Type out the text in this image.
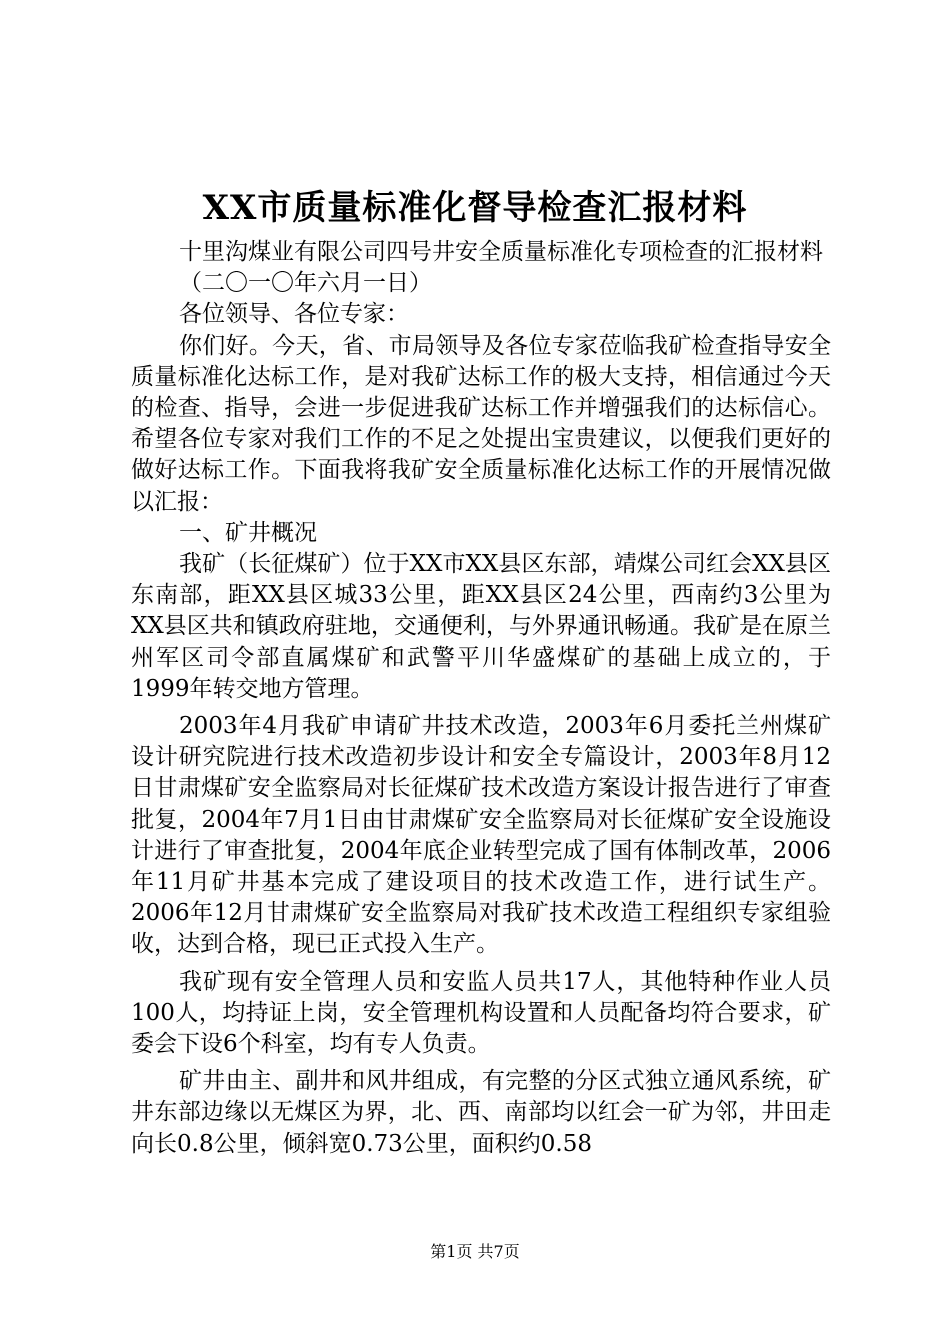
XX市质量标准化督导检查汇报材料

十里沟煤业有限公司四号井安全质量标准化专项检查的汇报材料

（二〇一〇年六月一日）

各位领导、各位专家：

你们好。今天，省、市局领导及各位专家莅临我矿检查指导安全质量标准化达标工作，是对我矿达标工作的极大支持，相信通过今天的检查、指导，会进一步促进我矿达标工作并增强我们的达标信心。希望各位专家对我们工作的不足之处提出宝贵建议，以便我们更好的做好达标工作。下面我将我矿安全质量标准化达标工作的开展情况做以汇报：

一、矿井概况

我矿（长征煤矿）位于XX市XX县区东部，靖煤公司红会XX县区东南部，距XX县区城33公里，距XX县区24公里，西南约3公里为XX县区共和镇政府驻地，交通便利，与外界通讯畅通。我矿是在原兰州军区司令部直属煤矿和武警平川华盛煤矿的基础上成立的，于1999年转交地方管理。

2003年4月我矿申请矿井技术改造，2003年6月委托兰州煤矿设计研究院进行技术改造初步设计和安全专篇设计，2003年8月12日甘肃煤矿安全监察局对长征煤矿技术改造方案设计报告进行了审查批复，2004年7月1日由甘肃煤矿安全监察局对长征煤矿安全设施设计进行了审查批复，2004年底企业转型完成了国有体制改革，2006年11月矿井基本完成了建设项目的技术改造工作，进行试生产。2006年12月甘肃煤矿安全监察局对我矿技术改造工程组织专家组验收，达到合格，现已正式投入生产。

我矿现有安全管理人员和安监人员共17人，其他特种作业人员100人，均持证上岗，安全管理机构设置和人员配备均符合要求，矿委会下设6个科室，均有专人负责。

矿井由主、副井和风井组成，有完整的分区式独立通风系统，矿井东部边缘以无煤区为界，北、西、南部均以红会一矿为邻，井田走向长0.8公里，倾斜宽0.73公里，面积约0.58

第1页 共7页
